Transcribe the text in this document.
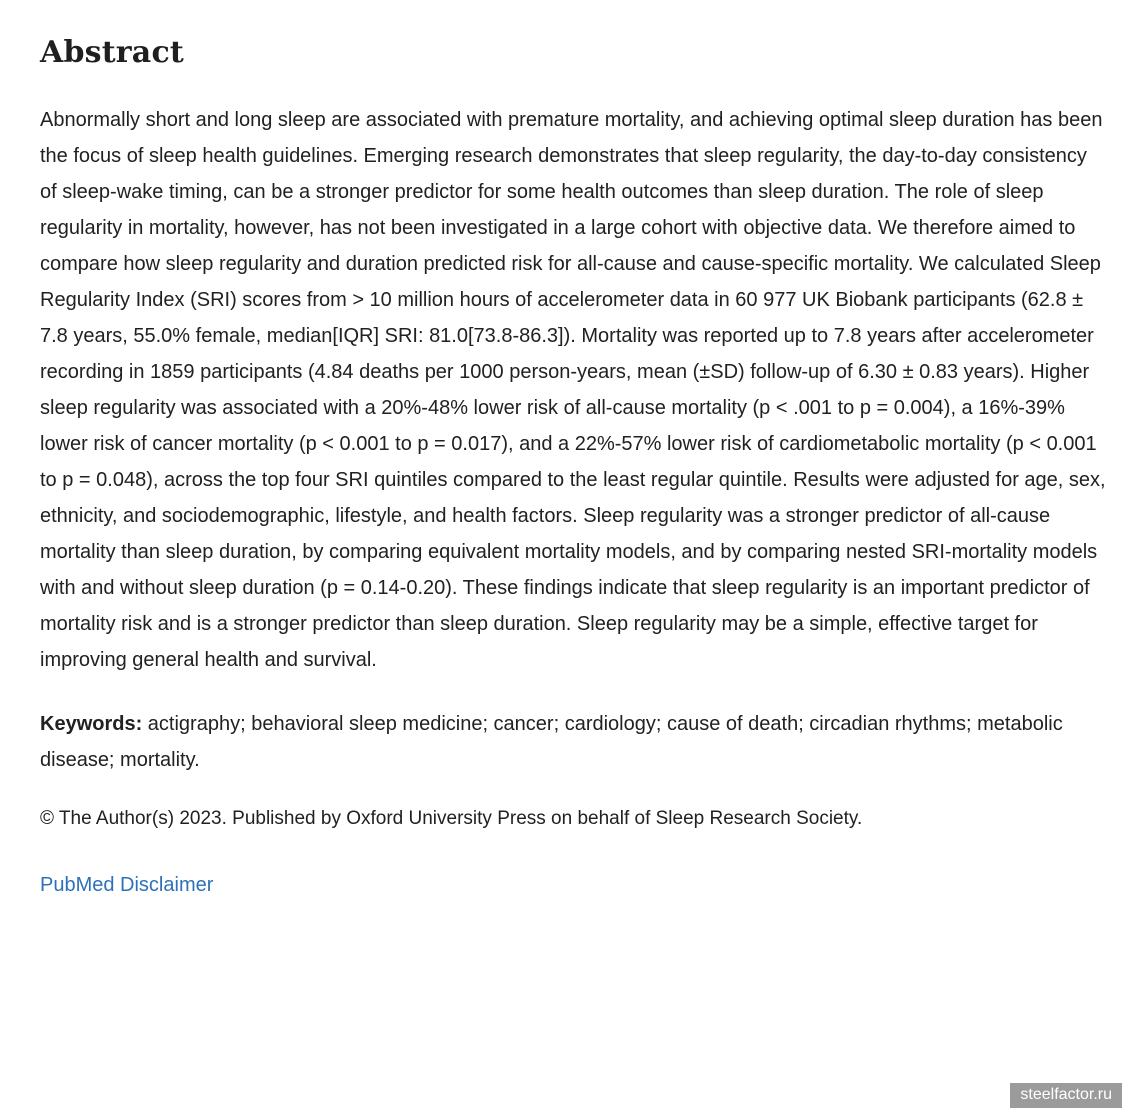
Abstract

Abnormally short and long sleep are associated with premature mortality, and achieving optimal sleep duration has been the focus of sleep health guidelines. Emerging research demonstrates that sleep regularity, the day-to-day consistency of sleep-wake timing, can be a stronger predictor for some health outcomes than sleep duration. The role of sleep regularity in mortality, however, has not been investigated in a large cohort with objective data. We therefore aimed to compare how sleep regularity and duration predicted risk for all-cause and cause-specific mortality. We calculated Sleep Regularity Index (SRI) scores from > 10 million hours of accelerometer data in 60 977 UK Biobank participants (62.8 ± 7.8 years, 55.0% female, median[IQR] SRI: 81.0[73.8-86.3]). Mortality was reported up to 7.8 years after accelerometer recording in 1859 participants (4.84 deaths per 1000 person-years, mean (±SD) follow-up of 6.30 ± 0.83 years). Higher sleep regularity was associated with a 20%-48% lower risk of all-cause mortality (p < .001 to p = 0.004), a 16%-39% lower risk of cancer mortality (p < 0.001 to p = 0.017), and a 22%-57% lower risk of cardiometabolic mortality (p < 0.001 to p = 0.048), across the top four SRI quintiles compared to the least regular quintile. Results were adjusted for age, sex, ethnicity, and sociodemographic, lifestyle, and health factors. Sleep regularity was a stronger predictor of all-cause mortality than sleep duration, by comparing equivalent mortality models, and by comparing nested SRI-mortality models with and without sleep duration (p = 0.14-0.20). These findings indicate that sleep regularity is an important predictor of mortality risk and is a stronger predictor than sleep duration. Sleep regularity may be a simple, effective target for improving general health and survival.

Keywords: actigraphy; behavioral sleep medicine; cancer; cardiology; cause of death; circadian rhythms; metabolic disease; mortality.

© The Author(s) 2023. Published by Oxford University Press on behalf of Sleep Research Society.

PubMed Disclaimer
steelfactor.ru
